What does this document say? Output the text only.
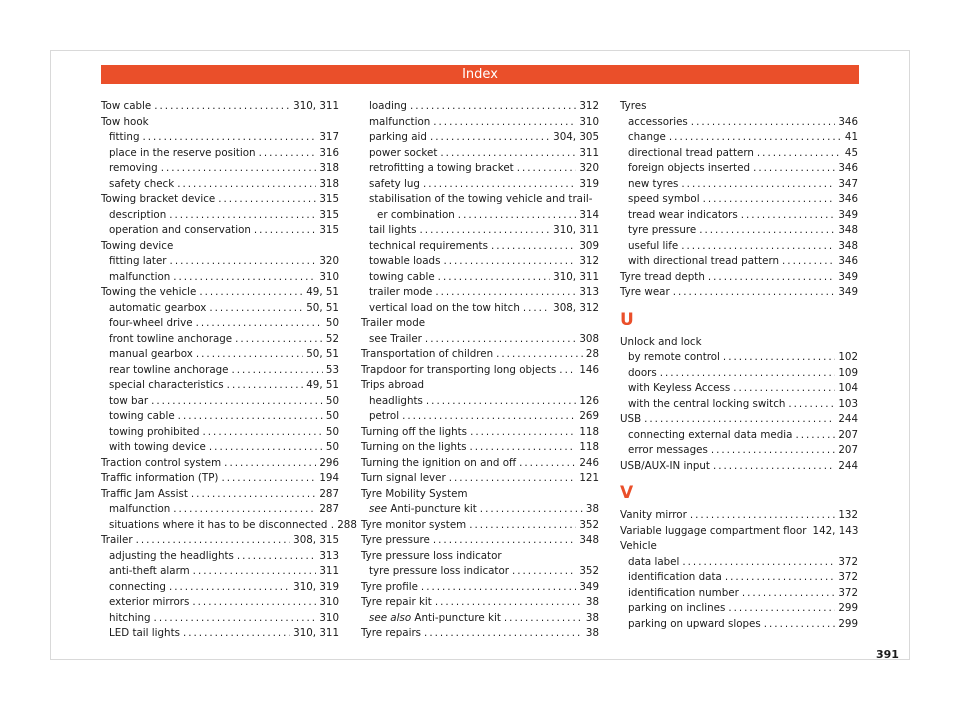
Index
Tow cable .....	310, 311
Tow hook
fitting .....	317
place in the reserve position .....	316
removing .....	318
safety check .....	318
Towing bracket device .....	315
description .....	315
operation and conservation .....	315
Towing device
fitting later .....	320
malfunction .....	310
Towing the vehicle .....	49, 51
automatic gearbox .....	50, 51
four-wheel drive .....	50
front towline anchorage .....	52
manual gearbox .....	50, 51
rear towline anchorage .....	53
special characteristics .....	49, 51
tow bar .....	50
towing cable .....	50
towing prohibited .....	50
with towing device .....	50
Traction control system .....	296
Traffic information (TP) .....	194
Traffic Jam Assist .....	287
malfunction .....	287
situations where it has to be disconnected . 288
Trailer .....	308, 315
adjusting the headlights .....	313
anti-theft alarm .....	311
connecting .....	310, 319
exterior mirrors .....	310
hitching .....	310
LED tail lights .....	310, 311
loading .....	312
malfunction .....	310
parking aid .....	304, 305
power socket .....	311
retrofitting a towing bracket .....	320
safety lug .....	319
stabilisation of the towing vehicle and trail-
er combination .....	314
tail lights .....	310, 311
technical requirements .....	309
towable loads .....	312
towing cable .....	310, 311
trailer mode .....	313
vertical load on the tow hitch .....	308, 312
Trailer mode
see Trailer .....	308
Transportation of children .....	28
Trapdoor for transporting long objects ..... 146
Trips abroad
headlights .....	126
petrol .....	269
Turning off the lights .....	118
Turning on the lights .....	118
Turning the ignition on and off .....	246
Turn signal lever .....	121
Tyre Mobility System
see Anti-puncture kit .....	38
Tyre monitor system .....	352
Tyre pressure .....	348
Tyre pressure loss indicator
tyre pressure loss indicator .....	352
Tyre profile .....	349
Tyre repair kit .....	38
see also Anti-puncture kit .....	38
Tyre repairs .....	38
Tyres
accessories .....	346
change .....	41
directional tread pattern .....	45
foreign objects inserted .....	346
new tyres .....	347
speed symbol .....	346
tread wear indicators .....	349
tyre pressure .....	348
useful life .....	348
with directional tread pattern .....	346
Tyre tread depth .....	349
Tyre wear .....	349
U
Unlock and lock
by remote control .....	102
doors .....	109
with Keyless Access .....	104
with the central locking switch .....	103
USB .....	244
connecting external data media .....	207
error messages .....	207
USB/AUX-IN input .....	244
V
Vanity mirror .....	132
Variable luggage compartment floor 142, 143
Vehicle
data label .....	372
identification data .....	372
identification number .....	372
parking on inclines .....	299
parking on upward slopes .....	299
391
